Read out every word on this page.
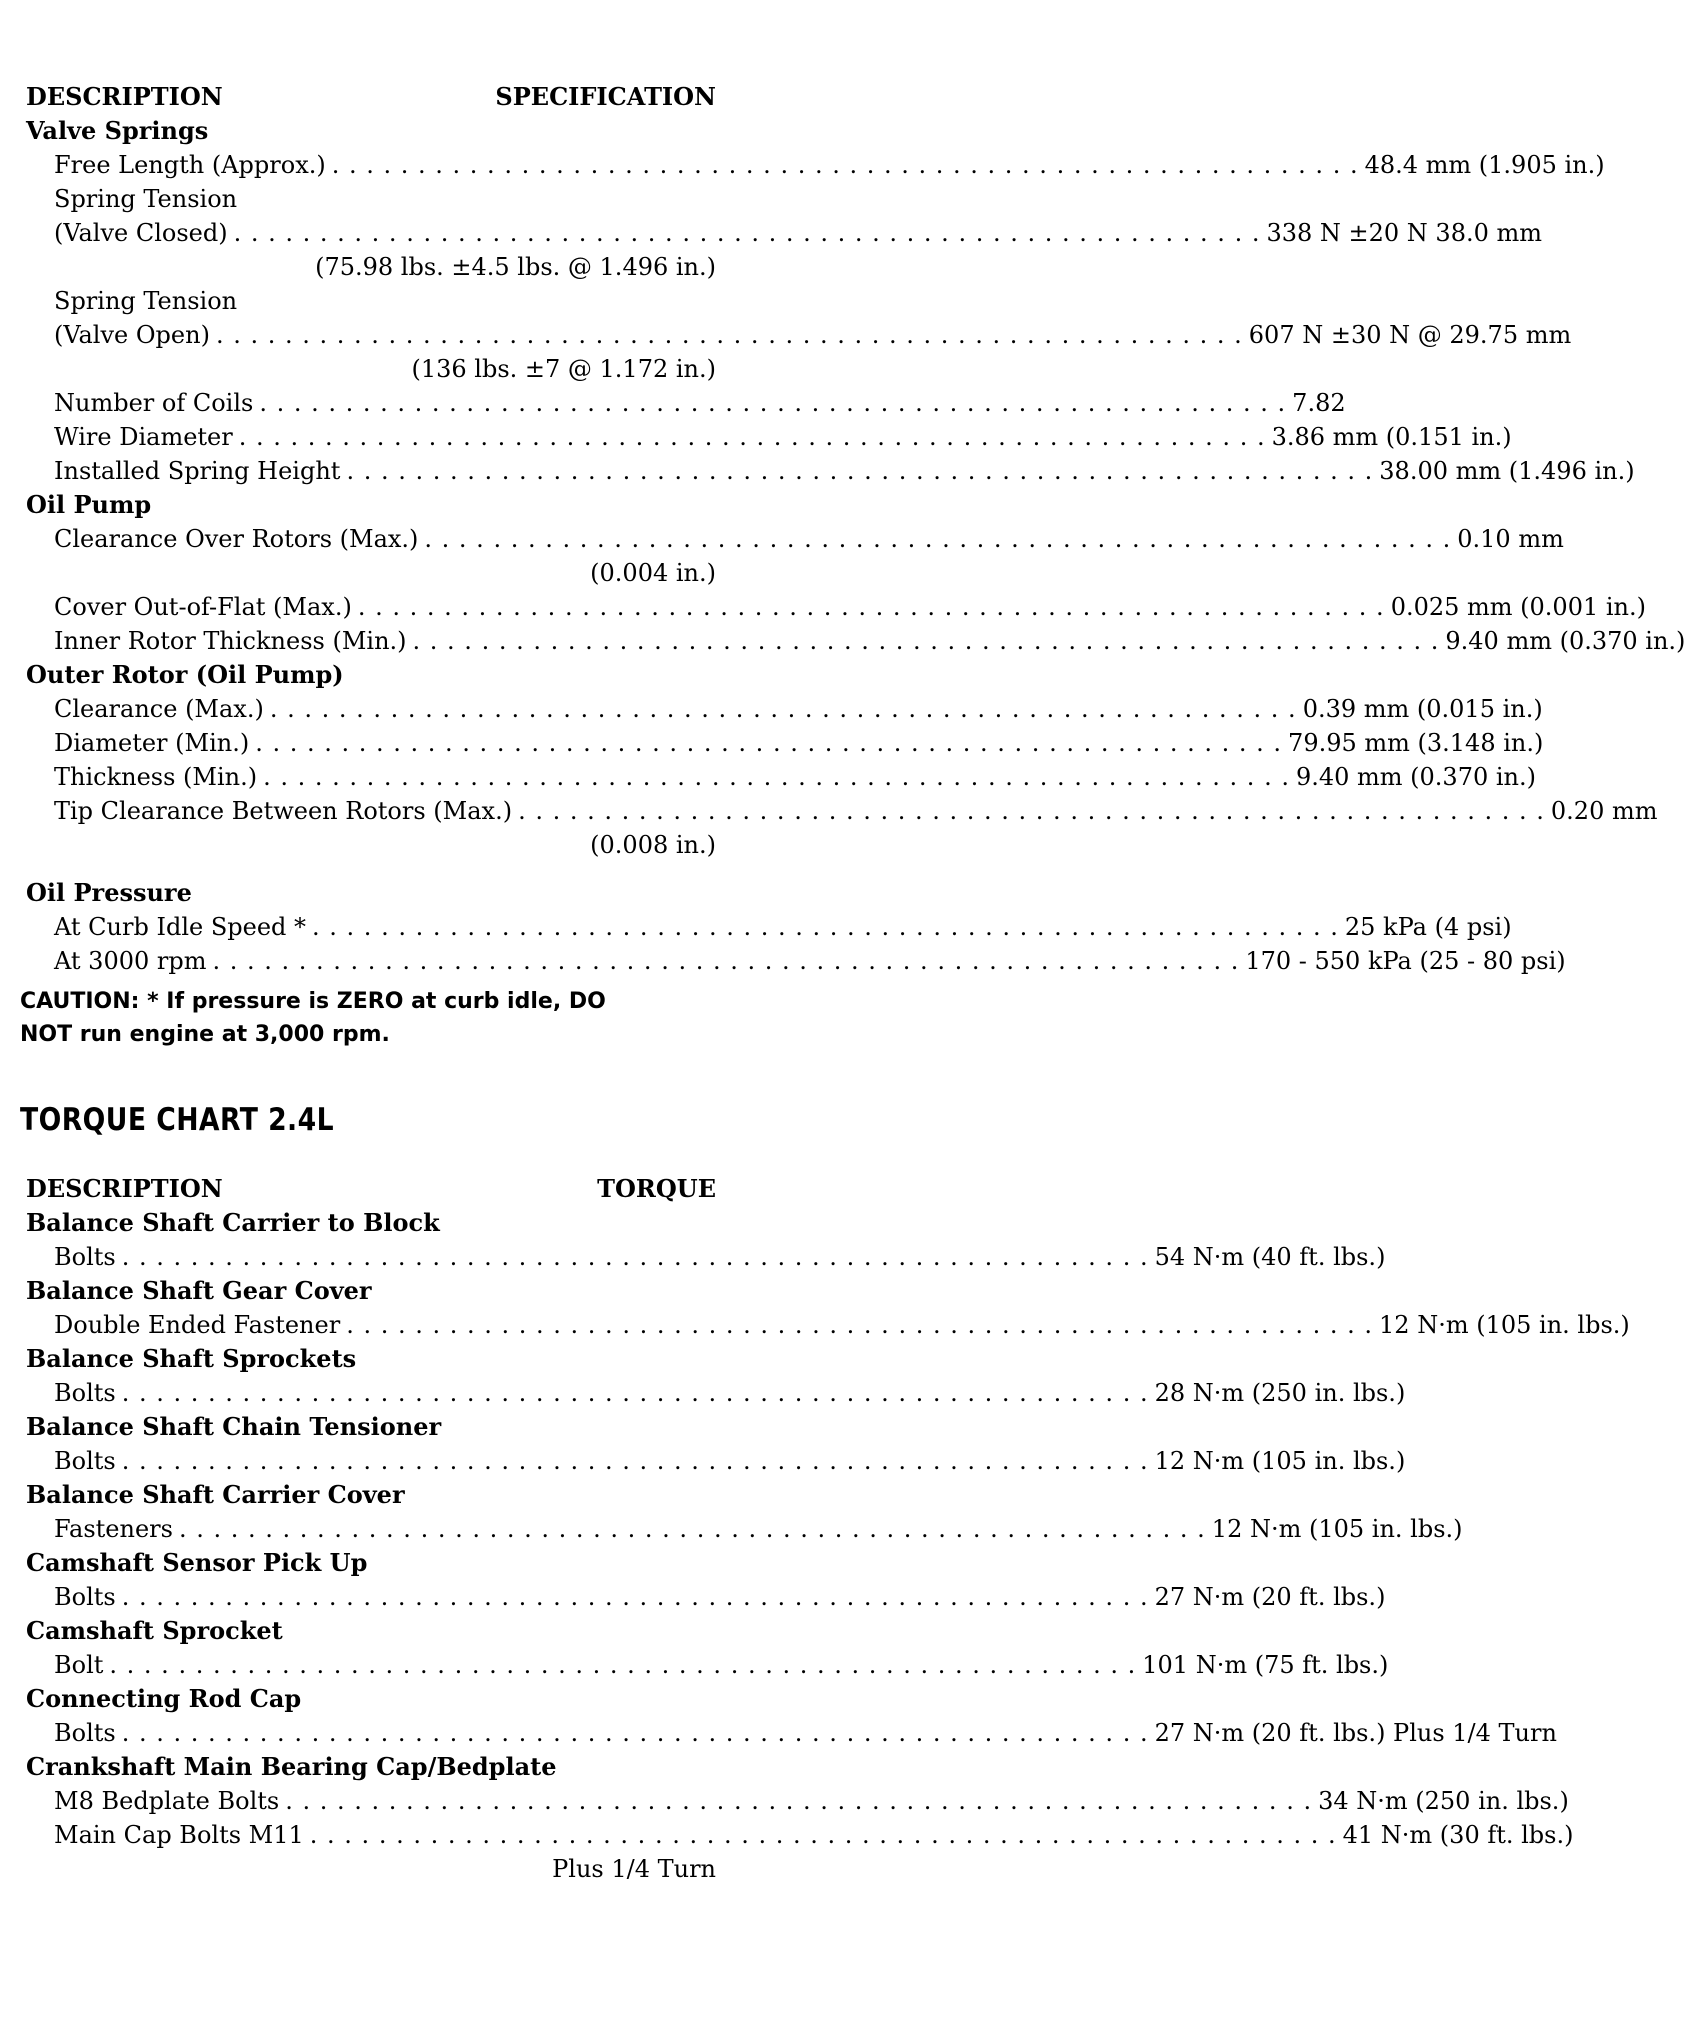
DESCRIPTION	SPECIFICATION
Valve Springs
Free Length (Approx.) . . . . . . . . . . . . . . . . . . . . . . . . . . . . . . . . . . . . . . . . . . . . . . . . . . . . . . . . . . . . 48.4 mm (1.905 in.)
Spring Tension
(Valve Closed) . . . . . . . . . . . . . . . . . . . . . . . . . . . . . . . . . . . . . . . . . . . . . . . . . . . . . . . . . . . . 338 N ±20 N 38.0 mm
(75.98 lbs. ±4.5 lbs. @ 1.496 in.)
Spring Tension
(Valve Open) . . . . . . . . . . . . . . . . . . . . . . . . . . . . . . . . . . . . . . . . . . . . . . . . . . . . . . . . . . . . 607 N ±30 N @ 29.75 mm
(136 lbs. ±7 @ 1.172 in.)
Number of Coils . . . . . . . . . . . . . . . . . . . . . . . . . . . . . . . . . . . . . . . . . . . . . . . . . . . . . . . . . . . . 7.82
Wire Diameter . . . . . . . . . . . . . . . . . . . . . . . . . . . . . . . . . . . . . . . . . . . . . . . . . . . . . . . . . . . . 3.86 mm (0.151 in.)
Installed Spring Height . . . . . . . . . . . . . . . . . . . . . . . . . . . . . . . . . . . . . . . . . . . . . . . . . . . . . . . . . . . . 38.00 mm (1.496 in.)
Oil Pump
Clearance Over Rotors (Max.) . . . . . . . . . . . . . . . . . . . . . . . . . . . . . . . . . . . . . . . . . . . . . . . . . . . . . . . . . . . . 0.10 mm
(0.004 in.)
Cover Out-of-Flat (Max.) . . . . . . . . . . . . . . . . . . . . . . . . . . . . . . . . . . . . . . . . . . . . . . . . . . . . . . . . . . . . 0.025 mm (0.001 in.)
Inner Rotor Thickness (Min.) . . . . . . . . . . . . . . . . . . . . . . . . . . . . . . . . . . . . . . . . . . . . . . . . . . . . . . . . . . . . 9.40 mm (0.370 in.)
Outer Rotor (Oil Pump)
Clearance (Max.) . . . . . . . . . . . . . . . . . . . . . . . . . . . . . . . . . . . . . . . . . . . . . . . . . . . . . . . . . . . . 0.39 mm (0.015 in.)
Diameter (Min.) . . . . . . . . . . . . . . . . . . . . . . . . . . . . . . . . . . . . . . . . . . . . . . . . . . . . . . . . . . . . 79.95 mm (3.148 in.)
Thickness (Min.) . . . . . . . . . . . . . . . . . . . . . . . . . . . . . . . . . . . . . . . . . . . . . . . . . . . . . . . . . . . . 9.40 mm (0.370 in.)
Tip Clearance Between Rotors (Max.) . . . . . . . . . . . . . . . . . . . . . . . . . . . . . . . . . . . . . . . . . . . . . . . . . . . . . . . . . . . . 0.20 mm
(0.008 in.)
Oil Pressure
At Curb Idle Speed * . . . . . . . . . . . . . . . . . . . . . . . . . . . . . . . . . . . . . . . . . . . . . . . . . . . . . . . . . . . . 25 kPa (4 psi)
At 3000 rpm . . . . . . . . . . . . . . . . . . . . . . . . . . . . . . . . . . . . . . . . . . . . . . . . . . . . . . . . . . . . 170 - 550 kPa (25 - 80 psi)
CAUTION: * If pressure is ZERO at curb idle, DO
NOT run engine at 3,000 rpm.
TORQUE CHART 2.4L
DESCRIPTION	TORQUE
Balance Shaft Carrier to Block
Bolts . . . . . . . . . . . . . . . . . . . . . . . . . . . . . . . . . . . . . . . . . . . . . . . . . . . . . . . . . . . . 54 N·m (40 ft. lbs.)
Balance Shaft Gear Cover
Double Ended Fastener . . . . . . . . . . . . . . . . . . . . . . . . . . . . . . . . . . . . . . . . . . . . . . . . . . . . . . . . . . . . 12 N·m (105 in. lbs.)
Balance Shaft Sprockets
Bolts . . . . . . . . . . . . . . . . . . . . . . . . . . . . . . . . . . . . . . . . . . . . . . . . . . . . . . . . . . . . 28 N·m (250 in. lbs.)
Balance Shaft Chain Tensioner
Bolts . . . . . . . . . . . . . . . . . . . . . . . . . . . . . . . . . . . . . . . . . . . . . . . . . . . . . . . . . . . . 12 N·m (105 in. lbs.)
Balance Shaft Carrier Cover
Fasteners . . . . . . . . . . . . . . . . . . . . . . . . . . . . . . . . . . . . . . . . . . . . . . . . . . . . . . . . . . . . 12 N·m (105 in. lbs.)
Camshaft Sensor Pick Up
Bolts . . . . . . . . . . . . . . . . . . . . . . . . . . . . . . . . . . . . . . . . . . . . . . . . . . . . . . . . . . . . 27 N·m (20 ft. lbs.)
Camshaft Sprocket
Bolt . . . . . . . . . . . . . . . . . . . . . . . . . . . . . . . . . . . . . . . . . . . . . . . . . . . . . . . . . . . . 101 N·m (75 ft. lbs.)
Connecting Rod Cap
Bolts . . . . . . . . . . . . . . . . . . . . . . . . . . . . . . . . . . . . . . . . . . . . . . . . . . . . . . . . . . . . 27 N·m (20 ft. lbs.) Plus 1/4 Turn
Crankshaft Main Bearing Cap/Bedplate
M8 Bedplate Bolts . . . . . . . . . . . . . . . . . . . . . . . . . . . . . . . . . . . . . . . . . . . . . . . . . . . . . . . . . . . . 34 N·m (250 in. lbs.)
Main Cap Bolts M11 . . . . . . . . . . . . . . . . . . . . . . . . . . . . . . . . . . . . . . . . . . . . . . . . . . . . . . . . . . . . 41 N·m (30 ft. lbs.)
Plus 1/4 Turn
